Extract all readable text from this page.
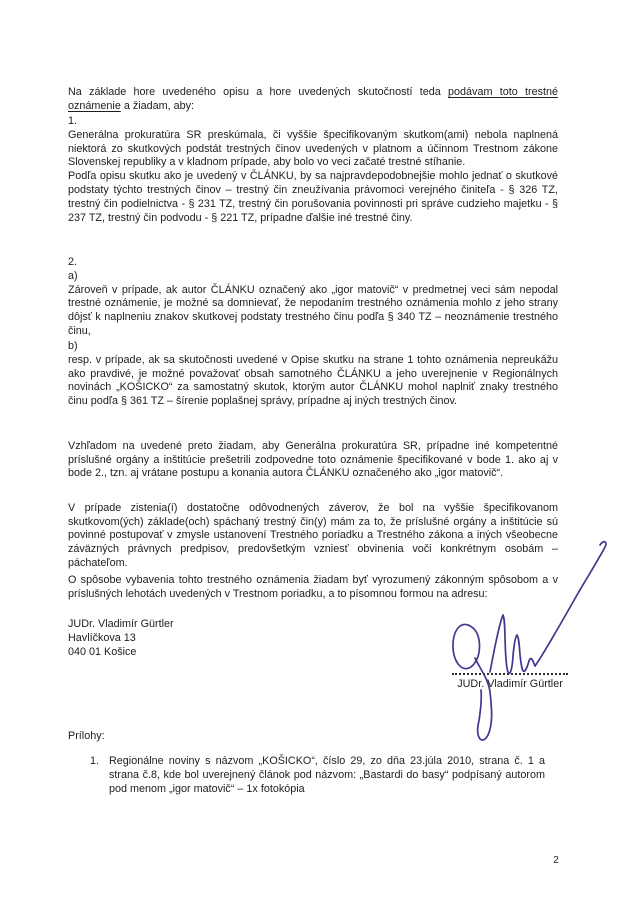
Na základe hore uvedeného opisu a hore uvedených skutočností teda podávam toto trestné oznámenie a žiadam, aby:

1.

Generálna prokuratúra SR preskúmala, či vyššie špecifikovaným skutkom(ami) nebola naplnená niektorá zo skutkových podstát trestných činov uvedených v platnom a účinnom Trestnom zákone Slovenskej republiky a v kladnom prípade, aby bolo vo veci začaté trestné stíhanie.

Podľa opisu skutku ako je uvedený v ČLÁNKU, by sa najpravdepodobnejšie mohlo jednať o skutkové podstaty týchto trestných činov – trestný čin zneužívania právomoci verejného činiteľa - § 326 TZ, trestný čin podielnictva - § 231 TZ, trestný čin porušovania povinnosti pri správe cudzieho majetku - § 237 TZ, trestný čin podvodu - § 221 TZ, prípadne ďalšie iné trestné činy.

2.
a)

Zároveň v prípade, ak autor ČLÁNKU označený ako „igor matovič“ v predmetnej veci sám nepodal trestné oznámenie, je možné sa domnievať, že nepodaním trestného oznámenia mohlo z jeho strany dôjsť k naplneniu znakov skutkovej podstaty trestného činu podľa § 340 TZ – neoznámenie trestného činu,

b)

resp. v prípade, ak sa skutočnosti uvedené v Opise skutku na strane 1 tohto oznámenia nepreukážu ako pravdivé, je možné považovať obsah samotného ČLÁNKU a jeho uverejnenie v Regionálnych novinách „KOŠICKO“ za samostatný skutok, ktorým autor ČLÁNKU mohol naplniť znaky trestného činu podľa § 361 TZ – šírenie poplašnej správy, prípadne aj iných trestných činov.

Vzhľadom na uvedené preto žiadam, aby Generálna prokuratúra SR, prípadne iné kompetentné príslušné orgány a inštitúcie prešetrili zodpovedne toto oznámenie špecifikované v bode 1. ako aj v bode 2., tzn. aj vrátane postupu a konania autora ČLÁNKU označeného ako „igor matovič“.

V prípade zistenia(í) dostatočne odôvodnených záverov, že bol na vyššie špecifikovanom skutkovom(ých) základe(och) spáchaný trestný čin(y) mám za to, že príslušné orgány a inštitúcie sú povinné postupovať v zmysle ustanovení Trestného poriadku a Trestného zákona a iných všeobecne záväzných právnych predpisov, predovšetkým vzniesť obvinenia voči konkrétnym osobám – páchateľom.

O spôsobe vybavenia tohto trestného oznámenia žiadam byť vyrozumený zákonným spôsobom a v príslušných lehotách uvedených v Trestnom poriadku, a to písomnou formou na adresu:

JUDr. Vladimír Gürtler
Havlíčkova 13
040 01 Košice
JUDr. Vladimír Gürtler
Prílohy:
1. Regionálne noviny s názvom „KOŠICKO“, číslo 29, zo dňa 23.júla 2010, strana č. 1 a strana č.8, kde bol uverejnený článok pod názvom: „Bastardi do basy“ podpísaný autorom pod menom „igor matovič“ – 1x fotokópia
2
